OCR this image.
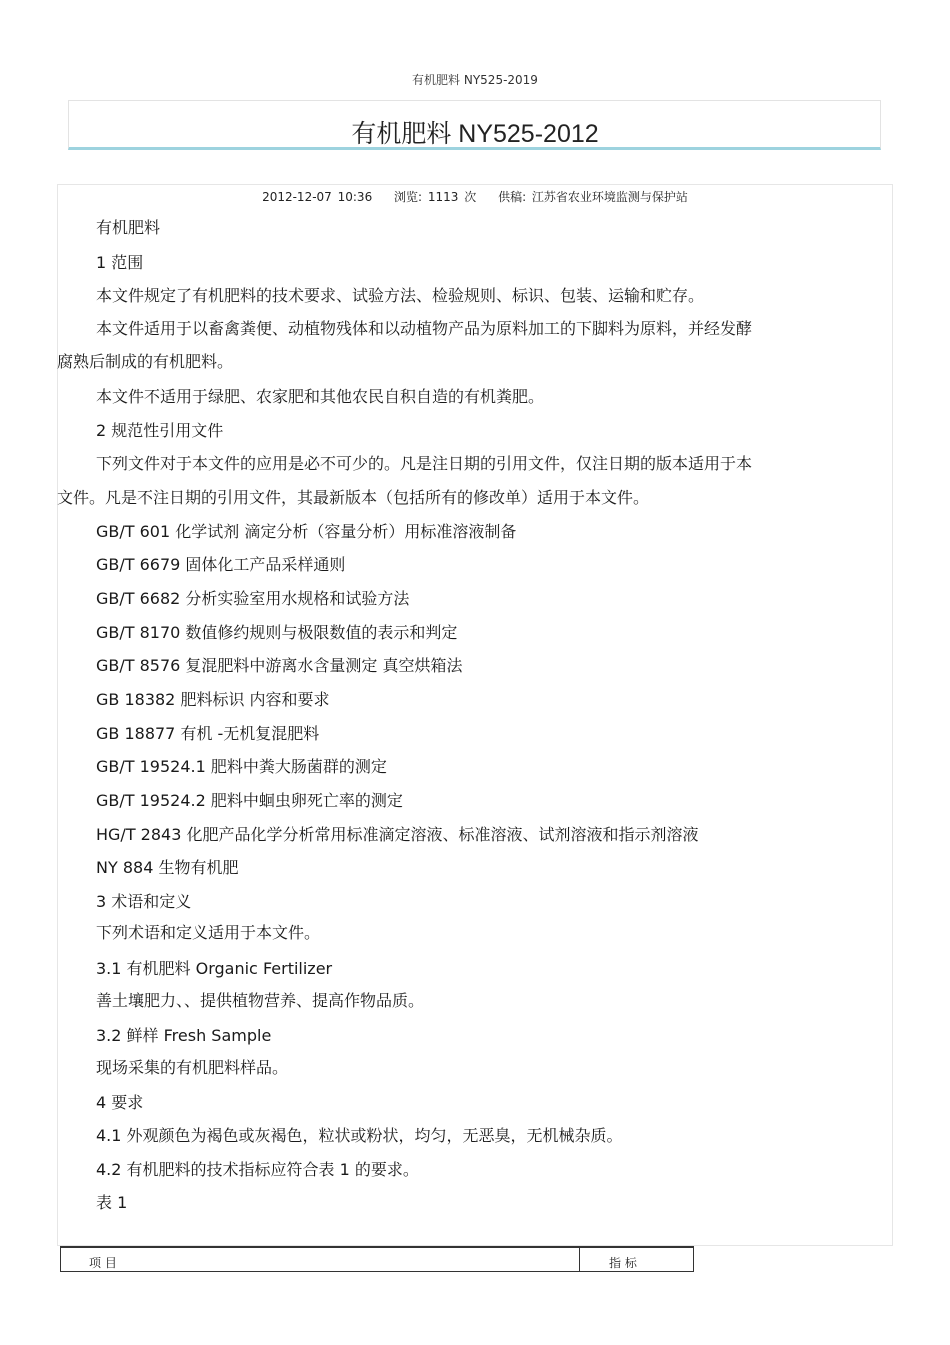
有机肥料 NY525-2019
有机肥料 NY525-2012
2012-12-07 10:36 浏览: 1113 次 供稿: 江苏省农业环境监测与保护站
有机肥料
1 范围
本文件规定了有机肥料的技术要求、试验方法、检验规则、标识、包装、运输和贮存。
本文件适用于以畜禽粪便、动植物残体和以动植物产品为原料加工的下脚料为原料，并经发酵
腐熟后制成的有机肥料。
本文件不适用于绿肥、农家肥和其他农民自积自造的有机粪肥。
2 规范性引用文件
下列文件对于本文件的应用是必不可少的。凡是注日期的引用文件，仅注日期的版本适用于本
文件。凡是不注日期的引用文件，其最新版本（包括所有的修改单）适用于本文件。
GB/T 601 化学试剂 滴定分析（容量分析）用标准溶液制备
GB/T 6679 固体化工产品采样通则
GB/T 6682 分析实验室用水规格和试验方法
GB/T 8170 数值修约规则与极限数值的表示和判定
GB/T 8576 复混肥料中游离水含量测定 真空烘箱法
GB 18382 肥料标识 内容和要求
GB 18877 有机 -无机复混肥料
GB/T 19524.1 肥料中粪大肠菌群的测定
GB/T 19524.2 肥料中蛔虫卵死亡率的测定
HG/T 2843 化肥产品化学分析常用标准滴定溶液、标准溶液、试剂溶液和指示剂溶液
NY 884 生物有机肥
3 术语和定义
下列术语和定义适用于本文件。
3.1 有机肥料 Organic Fertilizer
善土壤肥力、、提供植物营养、提高作物品质。
3.2 鲜样 Fresh Sample
现场采集的有机肥料样品。
4 要求
4.1 外观颜色为褐色或灰褐色，粒状或粉状，均匀，无恶臭，无机械杂质。
4.2 有机肥料的技术指标应符合表 1 的要求。
表 1
项 目	指 标
